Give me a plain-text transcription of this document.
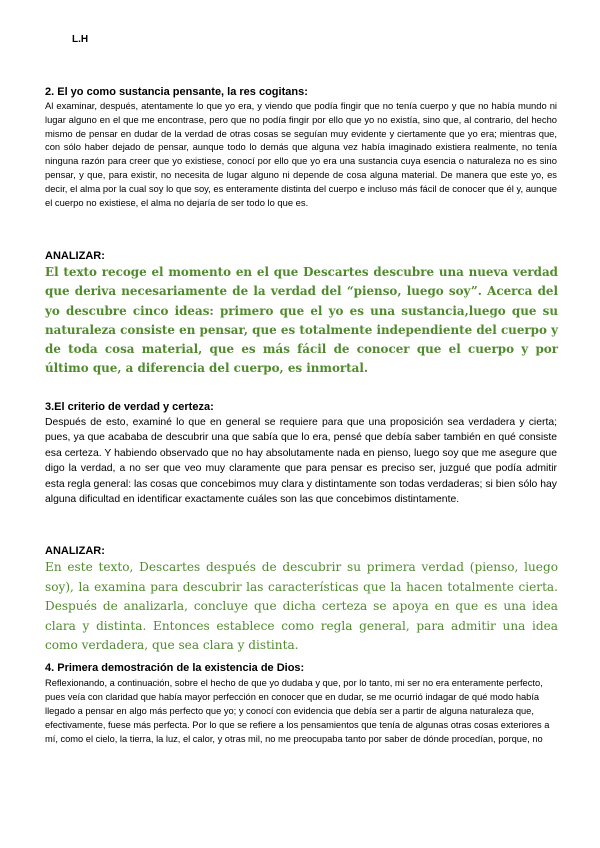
L.H
2. El yo como sustancia pensante, la res cogitans:
Al examinar, después, atentamente lo que yo era, y viendo que podía fingir que no tenía cuerpo y que no había mundo ni lugar alguno en el que me encontrase, pero que no podía fingir por ello que yo no existía, sino que, al contrario, del hecho mismo de pensar en dudar de la verdad de otras cosas se seguían muy evidente y ciertamente que yo era; mientras que, con sólo haber dejado de pensar, aunque todo lo demás que alguna vez había imaginado existiera realmente, no tenía ninguna razón para creer que yo existiese, conocí por ello que yo era una sustancia cuya esencia o naturaleza no es sino pensar, y que, para existir, no necesita de lugar alguno ni depende de cosa alguna material. De manera que este yo, es decir, el alma por la cual soy lo que soy, es enteramente distinta del cuerpo e incluso más fácil de conocer que él y, aunque el cuerpo no existiese, el alma no dejaría de ser todo lo que es.
ANALIZAR:
El texto recoge el momento en el que Descartes descubre una nueva verdad que deriva necesariamente de la verdad del “pienso, luego soy”. Acerca del yo descubre cinco ideas: primero que el yo es una sustancia,luego que su naturaleza consiste en pensar, que es totalmente independiente del cuerpo y de toda cosa material, que es más fácil de conocer que el cuerpo y por último que, a diferencia del cuerpo, es inmortal.
3.El criterio de verdad y certeza:
Después de esto, examiné lo que en general se requiere para que una proposición sea verdadera y cierta; pues, ya que acababa de descubrir una que sabía que lo era, pensé que debía saber también en qué consiste esa certeza. Y habiendo observado que no hay absolutamente nada en pienso, luego soy que me asegure que digo la verdad, a no ser que veo muy claramente que para pensar es preciso ser, juzgué que podía admitir esta regla general: las cosas que concebimos muy clara y distintamente son todas verdaderas; si bien sólo hay alguna dificultad en identificar exactamente cuáles son las que concebimos distintamente.
ANALIZAR:
En este texto, Descartes después de descubrir su primera verdad (pienso, luego soy), la examina para descubrir las características que la hacen totalmente cierta. Después de analizarla, concluye que dicha certeza se apoya en que es una idea clara y distinta. Entonces establece como regla general, para admitir una idea como verdadera, que sea clara y distinta.
4. Primera demostración de la existencia de Dios:
Reflexionando, a continuación, sobre el hecho de que yo dudaba y que, por lo tanto, mi ser no era enteramente perfecto, pues veía con claridad que había mayor perfección en conocer que en dudar, se me ocurrió indagar de qué modo había llegado a pensar en algo más perfecto que yo; y conocí con evidencia que debía ser a partir de alguna naturaleza que, efectivamente, fuese más perfecta. Por lo que se refiere a los pensamientos que tenía de algunas otras cosas exteriores a mí, como el cielo, la tierra, la luz, el calor, y otras mil, no me preocupaba tanto por saber de dónde procedían, porque, no
